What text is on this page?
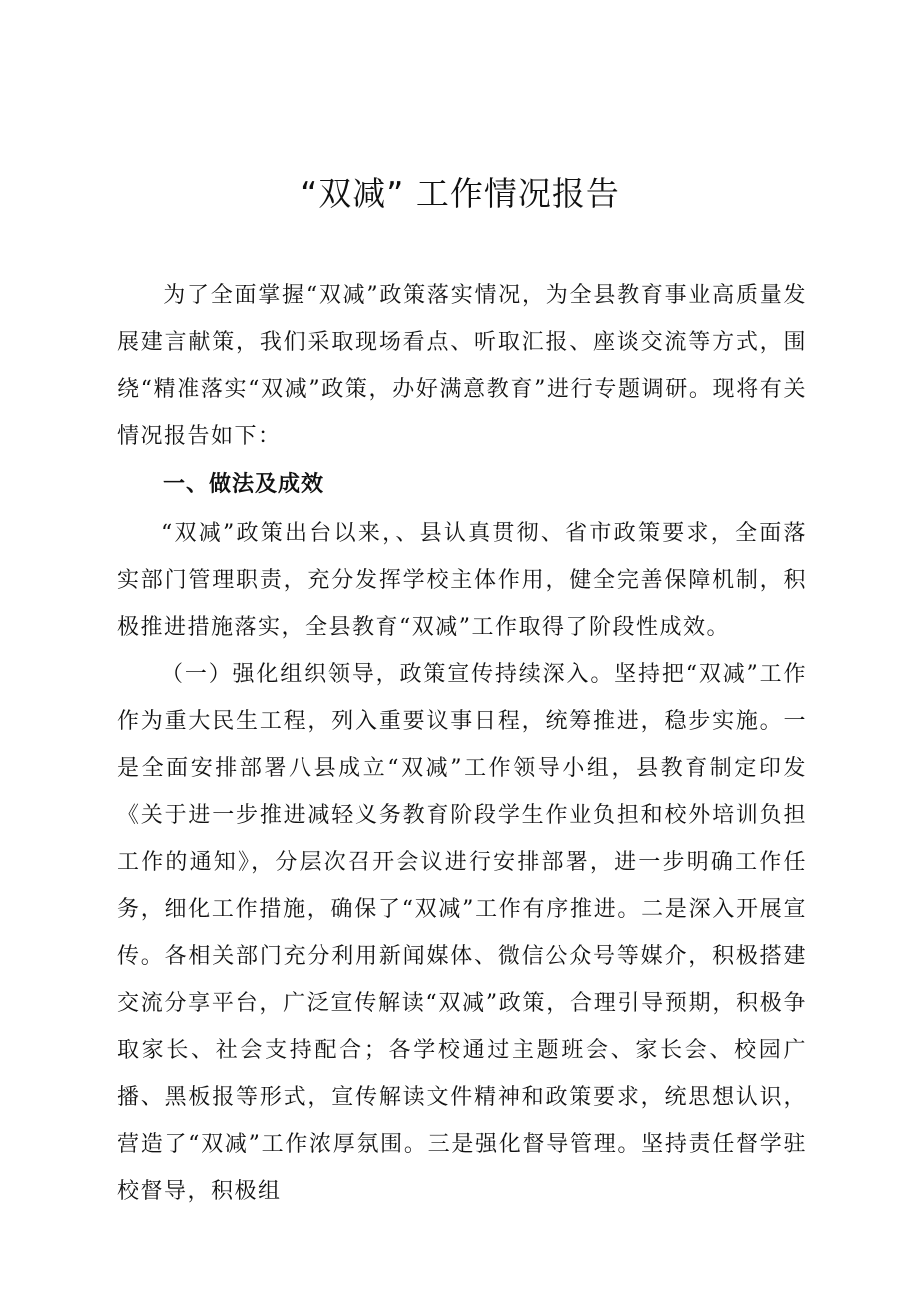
“双减” 工作情况报告

为了全面掌握“双减”政策落实情况，为全县教育事业高质量发展建言献策，我们采取现场看点、听取汇报、座谈交流等方式，围绕“精准落实“双减”政策，办好满意教育”进行专题调研。现将有关情况报告如下：

一、做法及成效

“双减”政策出台以来，、县认真贯彻、省市政策要求，全面落实部门管理职责，充分发挥学校主体作用，健全完善保障机制，积极推进措施落实，全县教育“双减”工作取得了阶段性成效。

（一）强化组织领导，政策宣传持续深入。坚持把“双减”工作作为重大民生工程，列入重要议事日程，统筹推进，稳步实施。一是全面安排部署八县成立“双减”工作领导小组，县教育制定印发《关于进一步推进减轻义务教育阶段学生作业负担和校外培训负担工作的通知》，分层次召开会议进行安排部署，进一步明确工作任务，细化工作措施，确保了“双减”工作有序推进。二是深入开展宣传。各相关部门充分利用新闻媒体、微信公众号等媒介，积极搭建交流分享平台，广泛宣传解读“双减”政策，合理引导预期，积极争取家长、社会支持配合；各学校通过主题班会、家长会、校园广播、黑板报等形式，宣传解读文件精神和政策要求，统思想认识，营造了“双减”工作浓厚氛围。三是强化督导管理。坚持责任督学驻校督导，积极组
